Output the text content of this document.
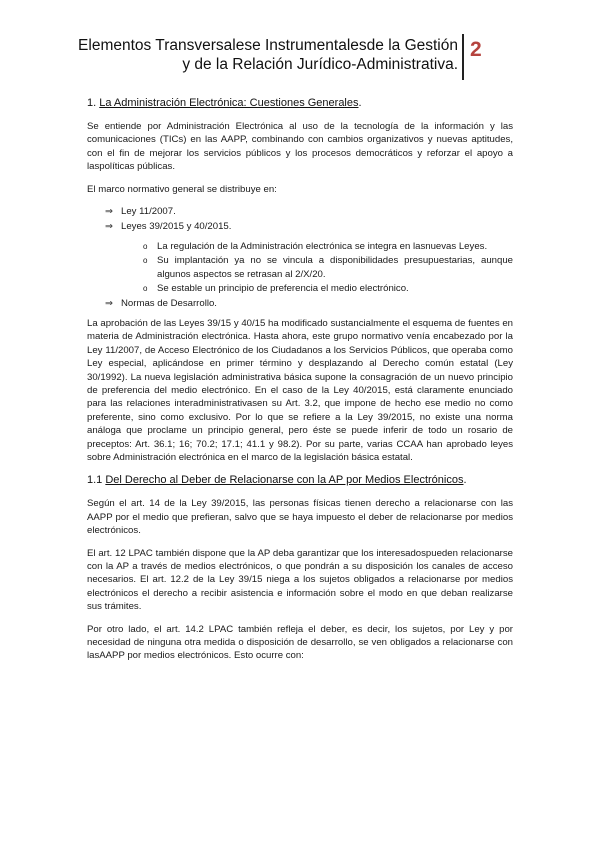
Elementos Transversalese Instrumentalesde la Gestión
y de la Relación Jurídico-Administrativa.
2
1. La Administración Electrónica: Cuestiones Generales.

Se entiende por Administración Electrónica al uso de la tecnología de la información y las comunicaciones (TICs) en las AAPP, combinando con cambios organizativos y nuevas aptitudes, con el fin de mejorar los servicios públicos y los procesos democráticos y reforzar el apoyo a laspolíticas públicas.

El marco normativo general se distribuye en:

⇒ Ley 11/2007.
⇒ Leyes 39/2015 y 40/2015.
o La regulación de la Administración electrónica se integra en lasnuevas Leyes.
o Su implantación ya no se vincula a disponibilidades presupuestarias, aunque algunos aspectos se retrasan al 2/X/20.
o Se estable un principio de preferencia el medio electrónico.
⇒ Normas de Desarrollo.

La aprobación de las Leyes 39/15 y 40/15 ha modificado sustancialmente el esquema de fuentes en materia de Administración electrónica. Hasta ahora, este grupo normativo venía encabezado por la Ley 11/2007, de Acceso Electrónico de los Ciudadanos a los Servicios Públicos, que operaba como Ley especial, aplicándose en primer término y desplazando al Derecho común estatal (Ley 30/1992). La nueva legislación administrativa básica supone la consagración de un nuevo principio de preferencia del medio electrónico. En el caso de la Ley 40/2015, está claramente enunciado para las relaciones interadministrativasen su Art. 3.2, que impone de hecho ese medio no como preferente, sino como exclusivo. Por lo que se refiere a la Ley 39/2015, no existe una norma análoga que proclame un principio general, pero éste se puede inferir de todo un rosario de preceptos: Art. 36.1; 16; 70.2; 17.1; 41.1 y 98.2). Por su parte, varias CCAA han aprobado leyes sobre Administración electrónica en el marco de la legislación básica estatal.

1.1 Del Derecho al Deber de Relacionarse con la AP por Medios Electrónicos.

Según el art. 14 de la Ley 39/2015, las personas físicas tienen derecho a relacionarse con las AAPP por el medio que prefieran, salvo que se haya impuesto el deber de relacionarse por medios electrónicos.

El art. 12 LPAC también dispone que la AP deba garantizar que los interesadospueden relacionarse con la AP a través de medios electrónicos, o que pondrán a su disposición los canales de acceso necesarios. El art. 12.2 de la Ley 39/15 niega a los sujetos obligados a relacionarse por medios electrónicos el derecho a recibir asistencia e información sobre el modo en que deban realizarse sus trámites.

Por otro lado, el art. 14.2 LPAC también refleja el deber, es decir, los sujetos, por Ley y por necesidad de ninguna otra medida o disposición de desarrollo, se ven obligados a relacionarse con lasAAPP por medios electrónicos. Esto ocurre con:
